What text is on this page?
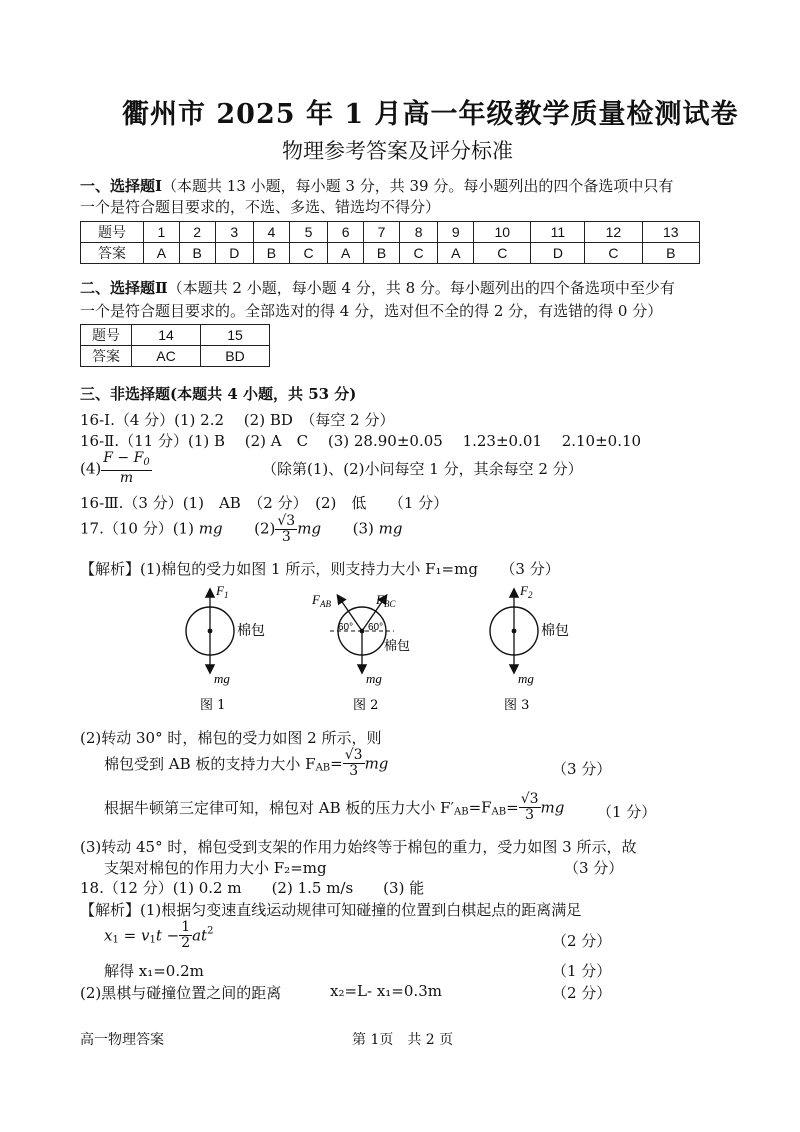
衢州市 2025 年 1 月高一年级教学质量检测试卷
物理参考答案及评分标准
一、选择题Ⅰ（本题共 13 小题，每小题 3 分，共 39 分。每小题列出的四个备选项中只有
一个是符合题目要求的，不选、多选、错选均不得分）
题号	1	2	3	4	5	6	7	8	9	10	11	12	13
答案	A	B	D	B	C	A	B	C	A	C	D	C	B
二、选择题Ⅱ（本题共 2 小题，每小题 4 分，共 8 分。每小题列出的四个备选项中至少有
一个是符合题目要求的。全部选对的得 4 分，选对但不全的得 2 分，有选错的得 0 分）
题号	14	15
答案	AC	BD
三、非选择题(本题共 4 小题，共 53 分)
16-Ⅰ.（4 分）(1) 2.2　 (2) BD　（每空 2 分）
16-Ⅱ.（11 分）(1) B　 (2) A　C　 (3) 28.90±0.05　 1.23±0.01　 2.10±0.10
$(4) \frac{F - F_0}{m}$	（除第(1)、(2)小问每空 1 分，其余每空 2 分）
16-Ⅲ.（3 分）(1)　AB　（2 分）　(2)　低　　（1 分）
17.（10 分）(1) mg $(2) \frac{√3}{3}$ mg (3) mg
【解析】(1)棉包的受力如图 1 所示，则支持力大小 F₁=mg　　（3 分）
$F_1$
棉包
mg
图 1
$F_{AB}$	$F_{BC}$
60° 60°
棉包
mg
图 2
$F_2$
棉包
mg
图 3
(2)转动 30° 时，棉包的受力如图 2 所示，则
棉包受到 AB 板的支持力大小 $F_{AB}= \frac{√3}{3}$ mg	（3 分）
根据牛顿第三定律可知，棉包对 AB 板的压力大小 $F'_{AB}=F_{AB}= \frac{√3}{3}$ mg （1 分）
(3)转动 45° 时，棉包受到支架的作用力始终等于棉包的重力，受力如图 3 所示，故
支架对棉包的作用力大小 F₂=mg	（3 分）
18.（12 分）(1) 0.2 m　　(2) 1.5 m/s　　(3) 能
【解析】(1)根据匀变速直线运动规律可知碰撞的位置到白棋起点的距离满足
$x_1 = v_1t - \frac{1}{2} at^2$
（2 分）
解得 x₁=0.2m	（1 分）
(2)黑棋与碰撞位置之间的距离	x₂=L- x₁=0.3m	（2 分）
高一物理答案	第 1页　共 2 页
